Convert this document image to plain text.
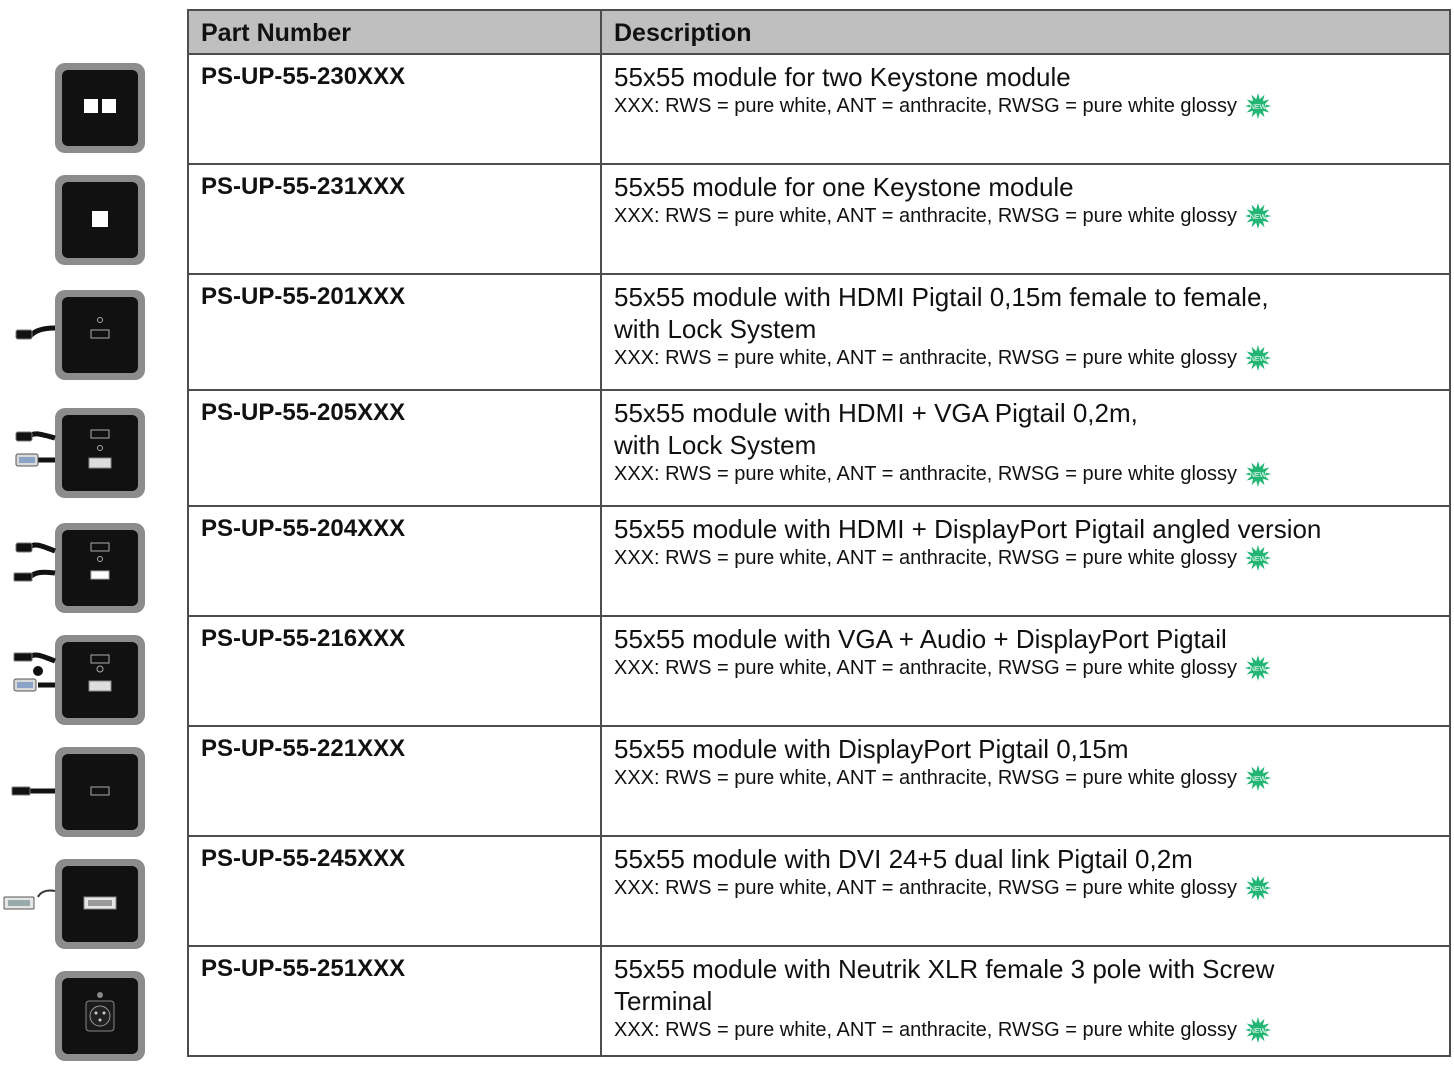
Part Number	Description
PS-UP-55-230XXX	55x55 module for two Keystone module
XXX: RWS = pure white, ANT = anthracite, RWSG = pure white glossy NEW

PS-UP-55-231XXX	55x55 module for one Keystone module
XXX: RWS = pure white, ANT = anthracite, RWSG = pure white glossy NEW

PS-UP-55-201XXX	55x55 module with HDMI Pigtail 0,15m female to female,
with Lock System
XXX: RWS = pure white, ANT = anthracite, RWSG = pure white glossy NEW

PS-UP-55-205XXX	55x55 module with HDMI + VGA Pigtail 0,2m,
with Lock System
XXX: RWS = pure white, ANT = anthracite, RWSG = pure white glossy NEW

PS-UP-55-204XXX	55x55 module with HDMI + DisplayPort Pigtail angled version
XXX: RWS = pure white, ANT = anthracite, RWSG = pure white glossy NEW

PS-UP-55-216XXX	55x55 module with VGA + Audio + DisplayPort Pigtail
XXX: RWS = pure white, ANT = anthracite, RWSG = pure white glossy NEW

PS-UP-55-221XXX	55x55 module with DisplayPort Pigtail 0,15m
XXX: RWS = pure white, ANT = anthracite, RWSG = pure white glossy NEW

PS-UP-55-245XXX	55x55 module with DVI 24+5 dual link Pigtail 0,2m
XXX: RWS = pure white, ANT = anthracite, RWSG = pure white glossy NEW

PS-UP-55-251XXX	55x55 module with Neutrik XLR female 3 pole with Screw
Terminal
XXX: RWS = pure white, ANT = anthracite, RWSG = pure white glossy NEW
